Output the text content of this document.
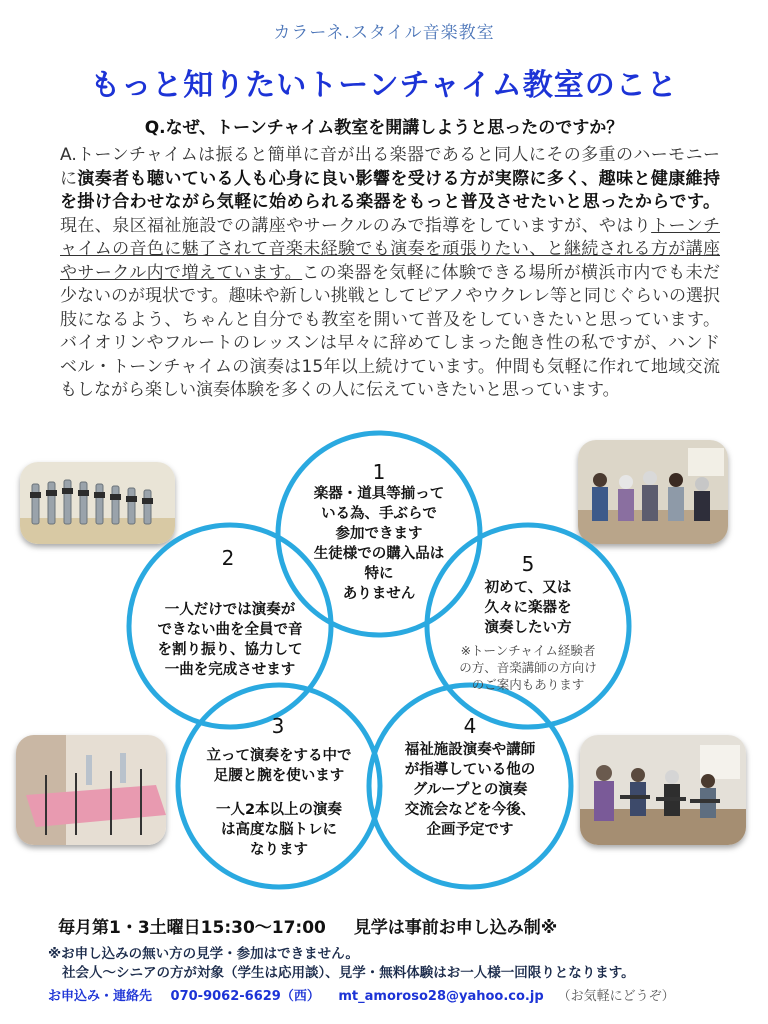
カラーネ.スタイル音楽教室
もっと知りたいトーンチャイム教室のこと
Q.なぜ、トーンチャイム教室を開講しようと思ったのですか？
A.トーンチャイムは振ると簡単に音が出る楽器であると同人にその多重のハーモニーに演奏者も聴いている人も心身に良い影響を受ける方が実際に多く、趣味と健康維持を掛け合わせながら気軽に始められる楽器をもっと普及させたいと思ったからです。現在、泉区福祉施設での講座やサークルのみで指導をしていますが、やはりトーンチャイムの音色に魅了されて音楽未経験でも演奏を頑張りたい、と継続される方が講座やサークル内で増えています。この楽器を気軽に体験できる場所が横浜市内でも未だ少ないのが現状です。趣味や新しい挑戦としてピアノやウクレレ等と同じぐらいの選択肢になるよう、ちゃんと自分でも教室を開いて普及をしていきたいと思っています。バイオリンやフルートのレッスンは早々に辞めてしまった飽き性の私ですが、ハンドベル・トーンチャイムの演奏は15年以上続けています。仲間も気軽に作れて地域交流もしながら楽しい演奏体験を多くの人に伝えていきたいと思っています。
1
楽器・道具等揃って
いる為、手ぶらで
参加できます
生徒様での購入品は
特に
ありません
2
一人だけでは演奏が
できない曲を全員で音
を割り振り、協力して
一曲を完成させます
5
初めて、又は
久々に楽器を
演奏したい方
※トーンチャイム経験者
の方、音楽講師の方向け
のご案内もあります
3
立って演奏をする中で
足腰と腕を使います
一人2本以上の演奏
は高度な脳トレに
なります
4
福祉施設演奏や講師
が指導している他の
グループとの演奏
交流会などを今後、
企画予定です
毎月第1・3土曜日15:30〜17:00 見学は事前お申し込み制※
※お申し込みの無い方の見学・参加はできません。
社会人〜シニアの方が対象（学生は応用談）、見学・無料体験はお一人様一回限りとなります。
お申込み・連絡先 070‐9062‐6629（西） mt_amoroso28@yahoo.co.jp （お気軽にどうぞ）
